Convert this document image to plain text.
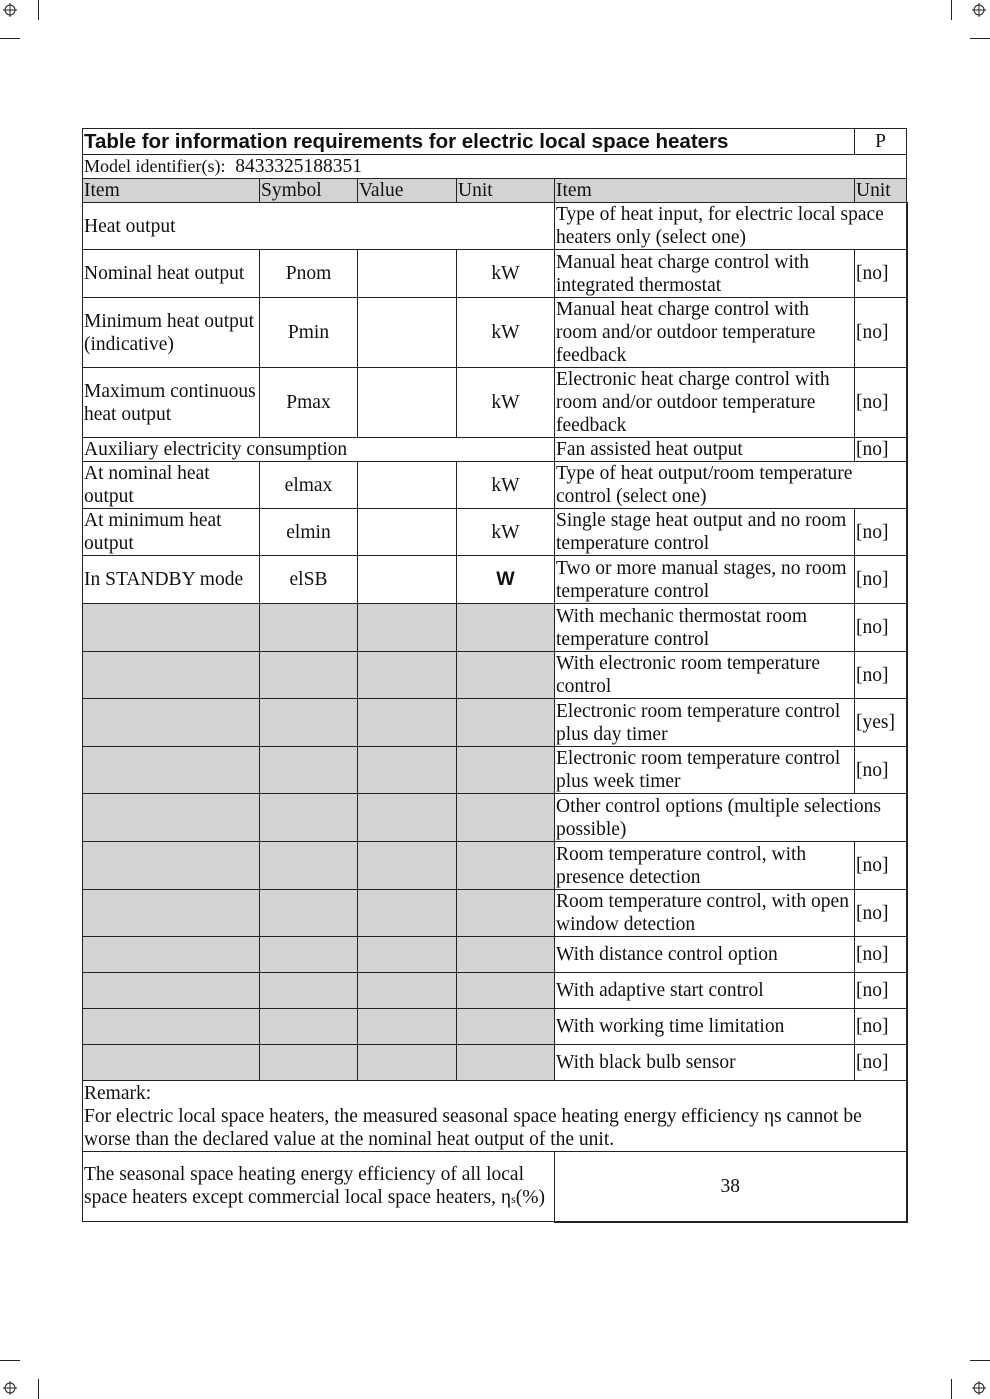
Table for information requirements for electric local space heaters					P
Model identifier(s): 8433325188351					
Item	Symbol	Value	Unit	Item	Unit
Heat output				Type of heat input, for electric local space heaters only (select one)	
Nominal heat output	Pnom		kW	Manual heat charge control with integrated thermostat	[no]
Minimum heat output (indicative)	Pmin		kW	Manual heat charge control with room and/or outdoor temperature feedback	[no]
Maximum continuous heat output	Pmax		kW	Electronic heat charge control with room and/or outdoor temperature feedback	[no]
Auxiliary electricity consumption				Fan assisted heat output	[no]
At nominal heat output	elmax		kW	Type of heat output/room temperature control (select one)	
At minimum heat output	elmin		kW	Single stage heat output and no room temperature control	[no]
In STANDBY mode	elSB		W	Two or more manual stages, no room temperature control	[no]
				With mechanic thermostat room temperature control	[no]
				With electronic room temperature control	[no]
				Electronic room temperature control plus day timer	[yes]
				Electronic room temperature control plus week timer	[no]
				Other control options (multiple selections possible)	
				Room temperature control, with presence detection	[no]
				Room temperature control, with open window detection	[no]
				With distance control option	[no]
				With adaptive start control	[no]
				With working time limitation	[no]
				With black bulb sensor	[no]

Remark:
For electric local space heaters, the measured seasonal space heating energy efficiency ηs cannot be worse than the declared value at the nominal heat output of the unit.					

The seasonal space heating energy efficiency of all local space heaters except commercial local space heaters, ηs(%)				38	
